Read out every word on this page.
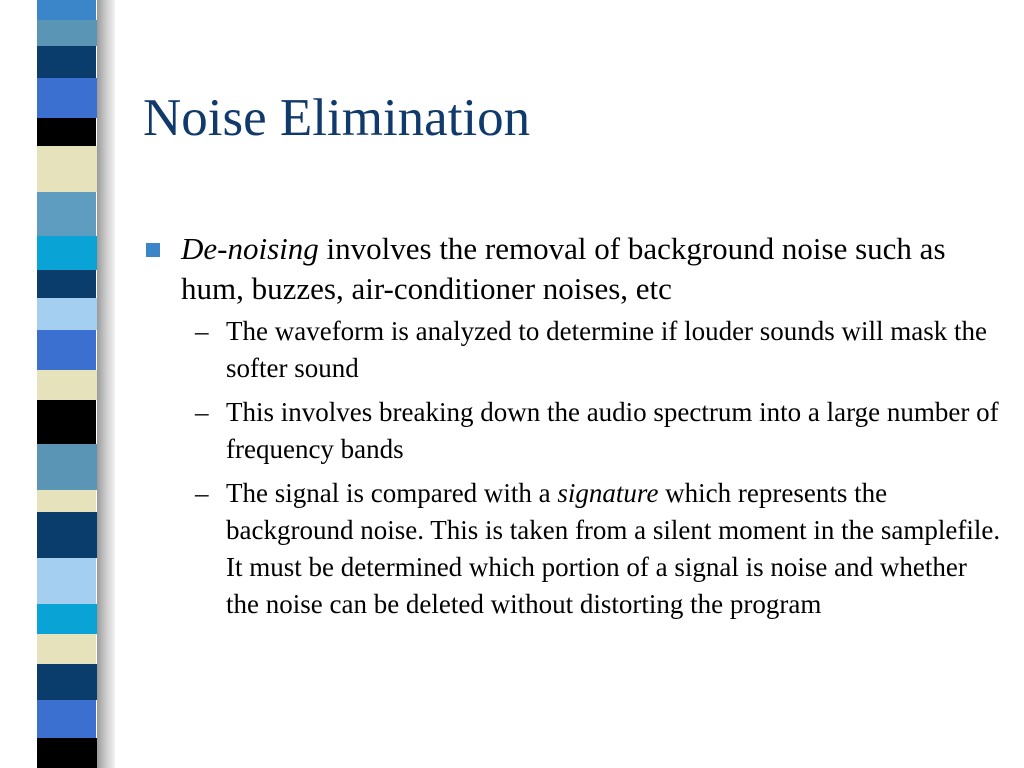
Noise Elimination
De-noising involves the removal of background noise such as hum, buzzes, air-conditioner noises, etc
– The waveform is analyzed to determine if louder sounds will mask the softer sound
– This involves breaking down the audio spectrum into a large number of frequency bands
– The signal is compared with a signature which represents the background noise. This is taken from a silent moment in the samplefile. It must be determined which portion of a signal is noise and whether the noise can be deleted without distorting the program
